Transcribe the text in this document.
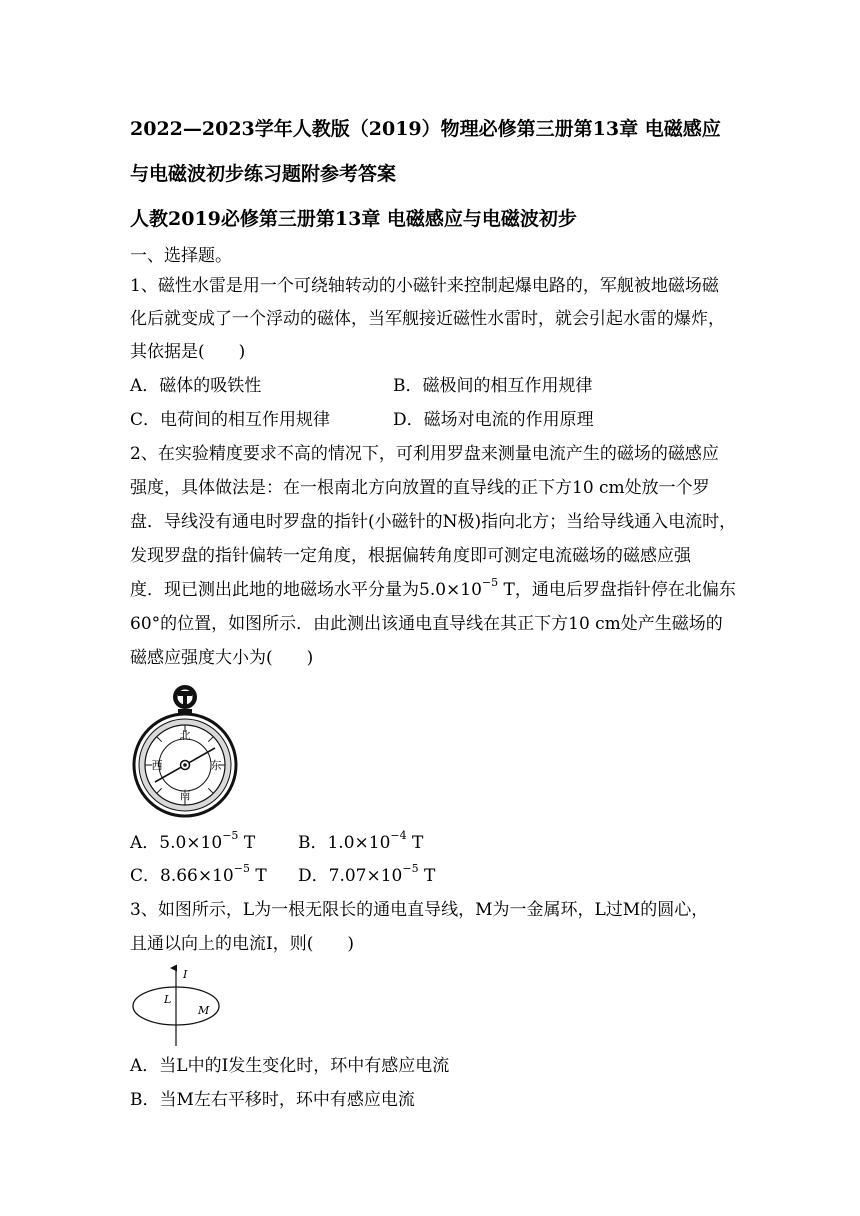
2022—2023学年人教版（2019）物理必修第三册第13章 电磁感应
与电磁波初步练习题附参考答案
人教2019必修第三册第13章 电磁感应与电磁波初步
一、选择题。
1、磁性水雷是用一个可绕轴转动的小磁针来控制起爆电路的，军舰被地磁场磁
化后就变成了一个浮动的磁体，当军舰接近磁性水雷时，就会引起水雷的爆炸，
其依据是(　　)
A．磁体的吸铁性	B．磁极间的相互作用规律
C．电荷间的相互作用规律	D．磁场对电流的作用原理
2、在实验精度要求不高的情况下，可利用罗盘来测量电流产生的磁场的磁感应
强度，具体做法是：在一根南北方向放置的直导线的正下方10 cm处放一个罗
盘．导线没有通电时罗盘的指针(小磁针的N极)指向北方；当给导线通入电流时，
发现罗盘的指针偏转一定角度，根据偏转角度即可测定电流磁场的磁感应强
度．现已测出此地的地磁场水平分量为$5.0\times 10^{-5}$ T，通电后罗盘指针停在北偏东
60°的位置，如图所示．由此测出该通电直导线在其正下方10 cm处产生磁场的
磁感应强度大小为(　　)
北
南
西	东
A．$5.0\times 10^{-5}$ T	B．$1.0\times 10^{-4}$ T
C．$8.66\times 10^{-5}$ T D．$7.07\times 10^{-5}$ T
3、如图所示，L为一根无限长的通电直导线，M为一金属环，L过M的圆心，
且通以向上的电流I，则(　　)
I
L
M
A．当L中的I发生变化时，环中有感应电流
B．当M左右平移时，环中有感应电流
